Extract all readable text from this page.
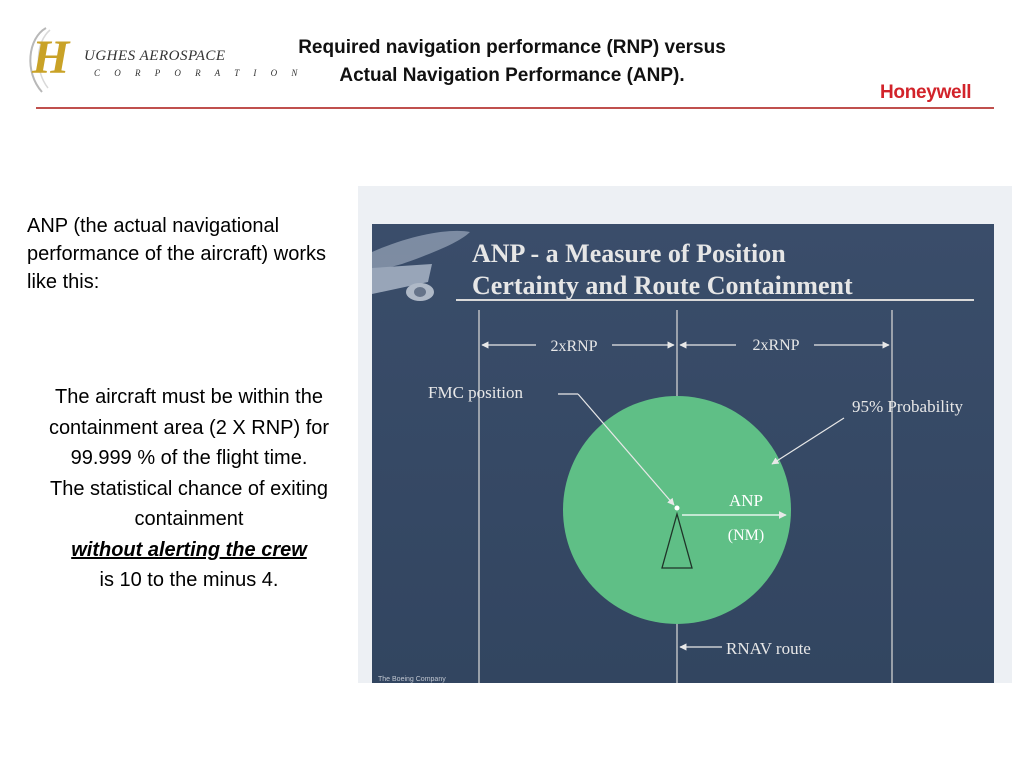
H UGHES AEROSPACE
C O R P O R A T I O N
Required navigation performance (RNP) versus
Actual Navigation Performance (ANP).
Honeywell
ANP (the actual navigational performance of the aircraft) works like this:
The aircraft must be within the containment area (2 X RNP) for 99.999 % of the flight time.
The statistical chance of exiting containment
without alerting the crew
is 10 to the minus 4.
ANP - a Measure of Position
Certainty and Route Containment
2xRNP	2xRNP
FMC position
95% Probability
ANP
(NM)
RNAV route
The Boeing Company
